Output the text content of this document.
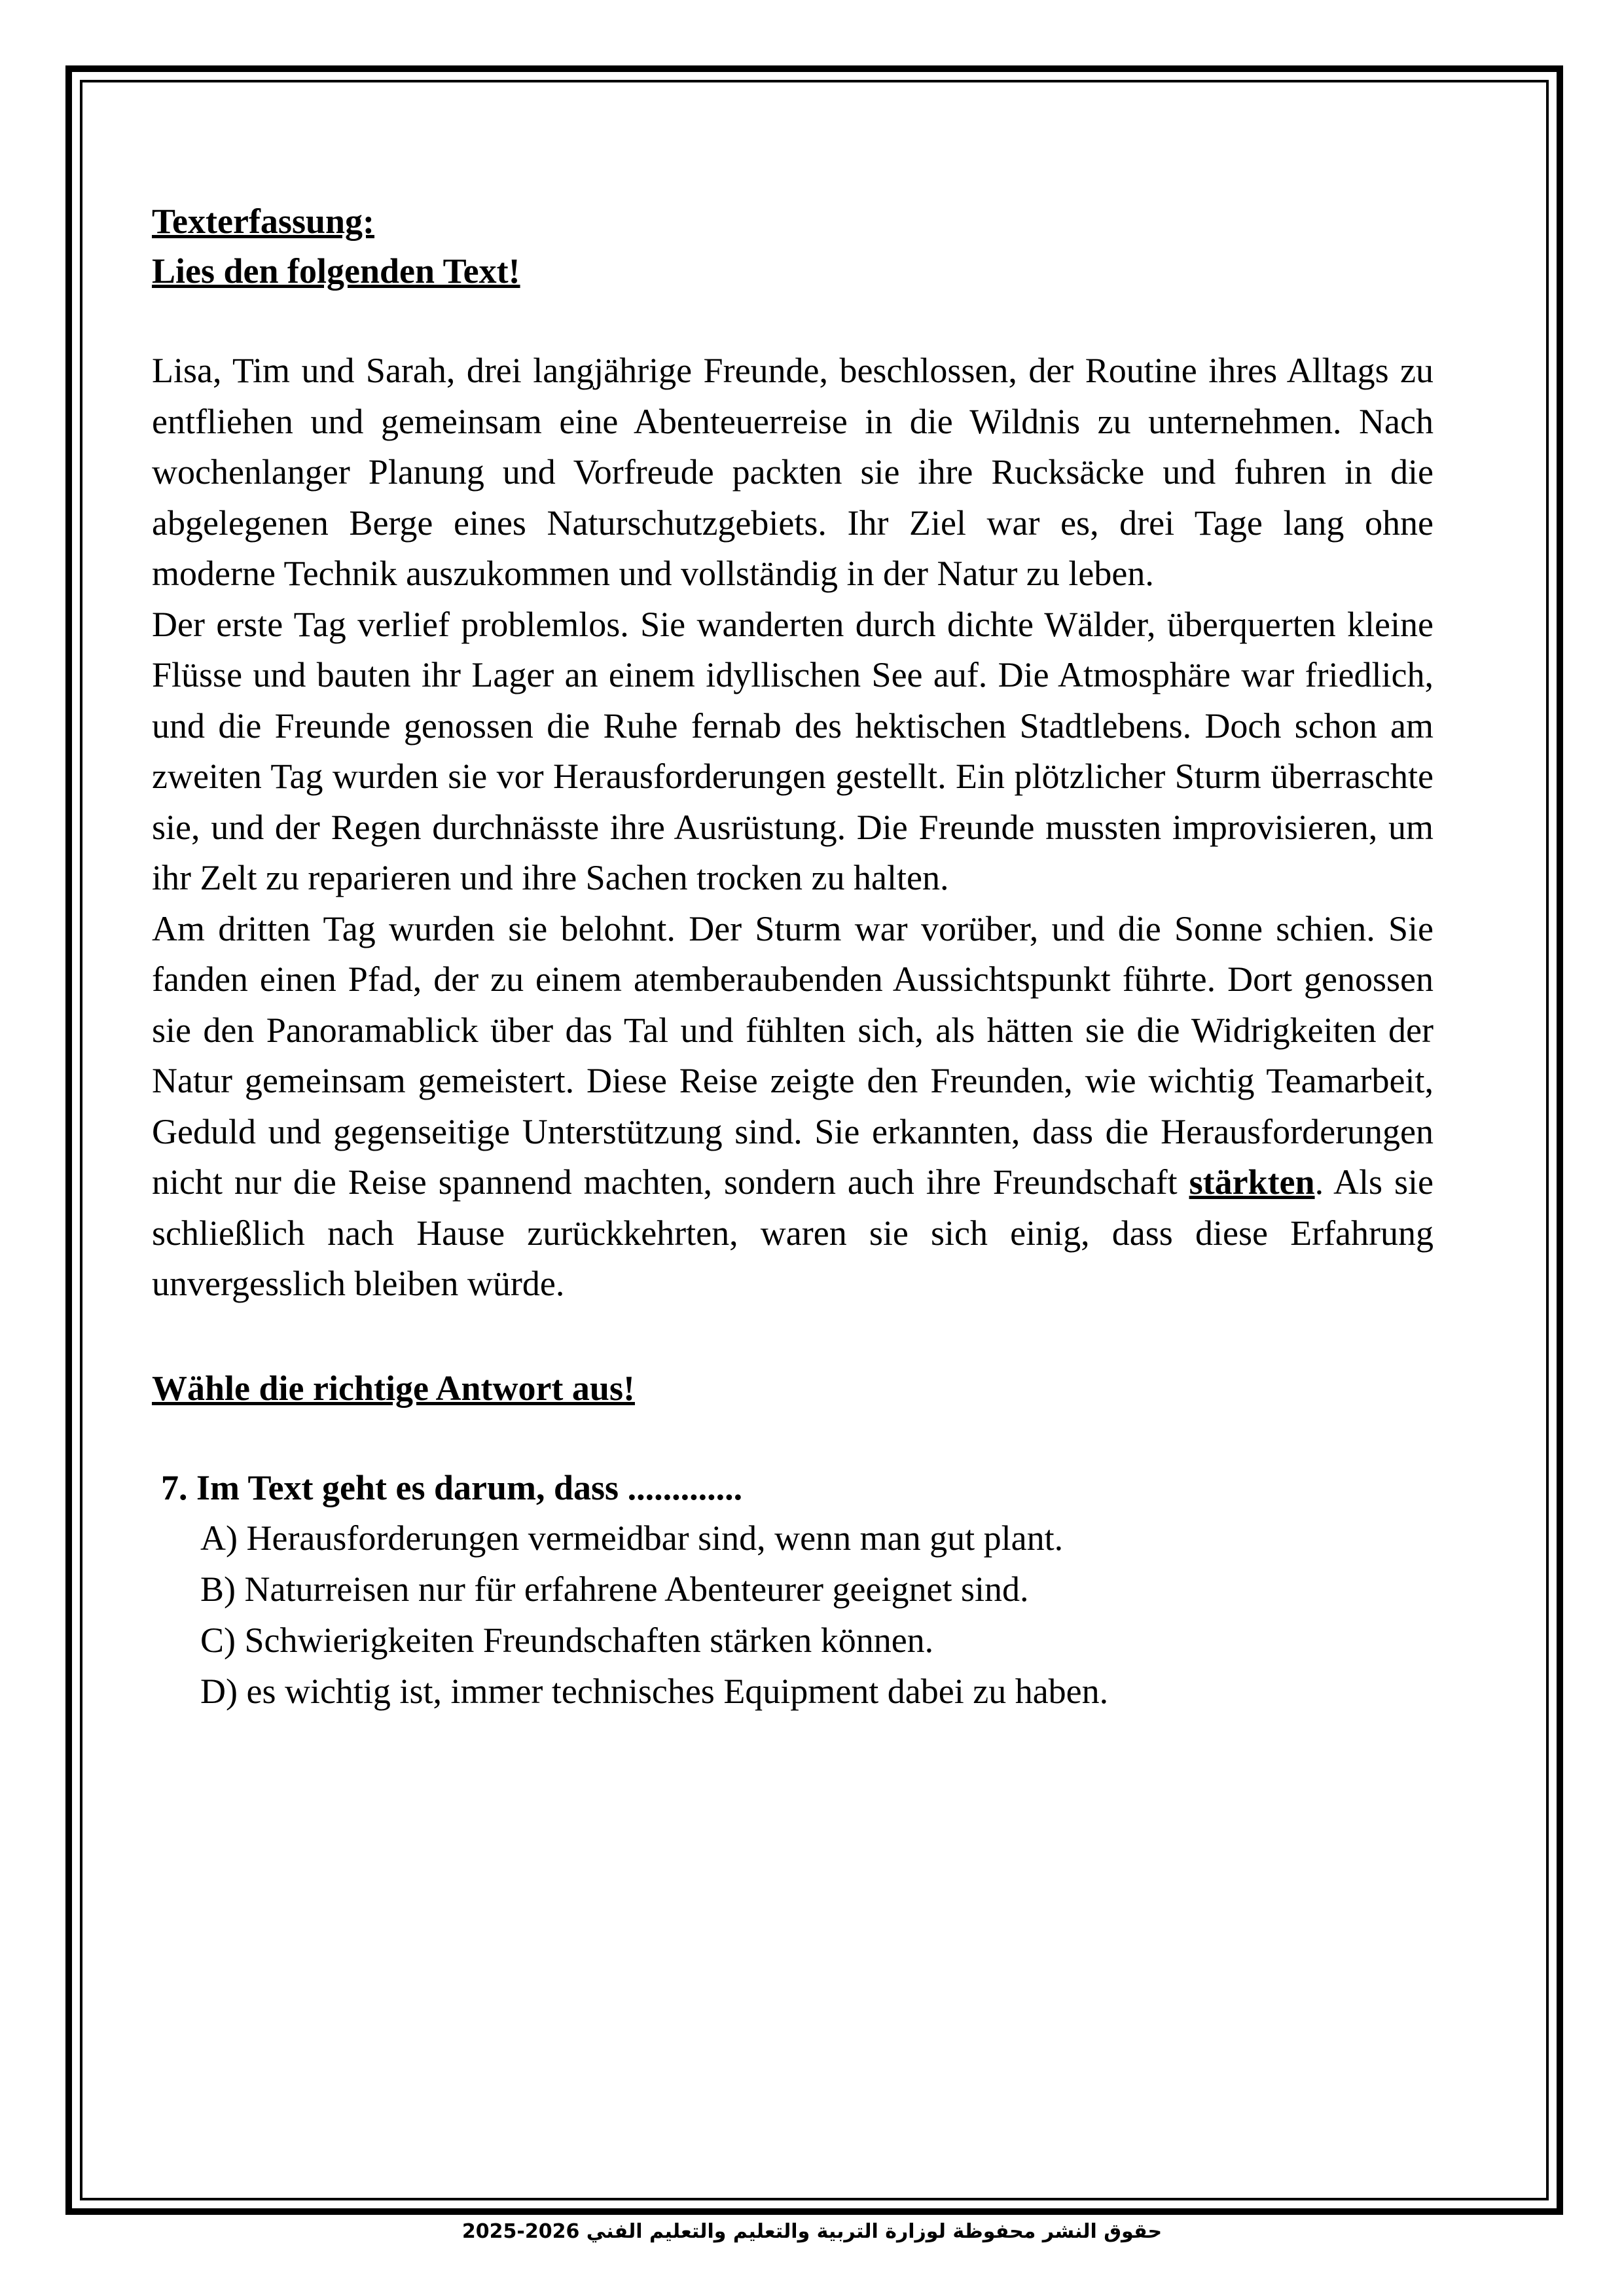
Texterfassung:

Lies den folgenden Text!

Lisa, Tim und Sarah, drei langjährige Freunde, beschlossen, der Routine ihres Alltags zu entfliehen und gemeinsam eine Abenteuerreise in die Wildnis zu unternehmen. Nach wochenlanger Planung und Vorfreude packten sie ihre Rucksäcke und fuhren in die abgelegenen Berge eines Naturschutzgebiets. Ihr Ziel war es, drei Tage lang ohne moderne Technik auszukommen und vollständig in der Natur zu leben.

Der erste Tag verlief problemlos. Sie wanderten durch dichte Wälder, überquerten kleine Flüsse und bauten ihr Lager an einem idyllischen See auf. Die Atmosphäre war friedlich, und die Freunde genossen die Ruhe fernab des hektischen Stadtlebens. Doch schon am zweiten Tag wurden sie vor Herausforderungen gestellt. Ein plötzlicher Sturm überraschte sie, und der Regen durchnässte ihre Ausrüstung. Die Freunde mussten improvisieren, um ihr Zelt zu reparieren und ihre Sachen trocken zu halten.

Am dritten Tag wurden sie belohnt. Der Sturm war vorüber, und die Sonne schien. Sie fanden einen Pfad, der zu einem atemberaubenden Aussichtspunkt führte. Dort genossen sie den Panoramablick über das Tal und fühlten sich, als hätten sie die Widrigkeiten der Natur gemeinsam gemeistert. Diese Reise zeigte den Freunden, wie wichtig Teamarbeit, Geduld und gegenseitige Unterstützung sind. Sie erkannten, dass die Herausforderungen nicht nur die Reise spannend machten, sondern auch ihre Freundschaft stärkten. Als sie schließlich nach Hause zurückkehrten, waren sie sich einig, dass diese Erfahrung unvergesslich bleiben würde.

Wähle die richtige Antwort aus!

7. Im Text geht es darum, dass .............

A) Herausforderungen vermeidbar sind, wenn man gut plant.
B) Naturreisen nur für erfahrene Abenteurer geeignet sind.
C) Schwierigkeiten Freundschaften stärken können.
D) es wichtig ist, immer technisches Equipment dabei zu haben.
حقوق النشر محفوظة لوزارة التربية والتعليم والتعليم الفني 2026-2025
